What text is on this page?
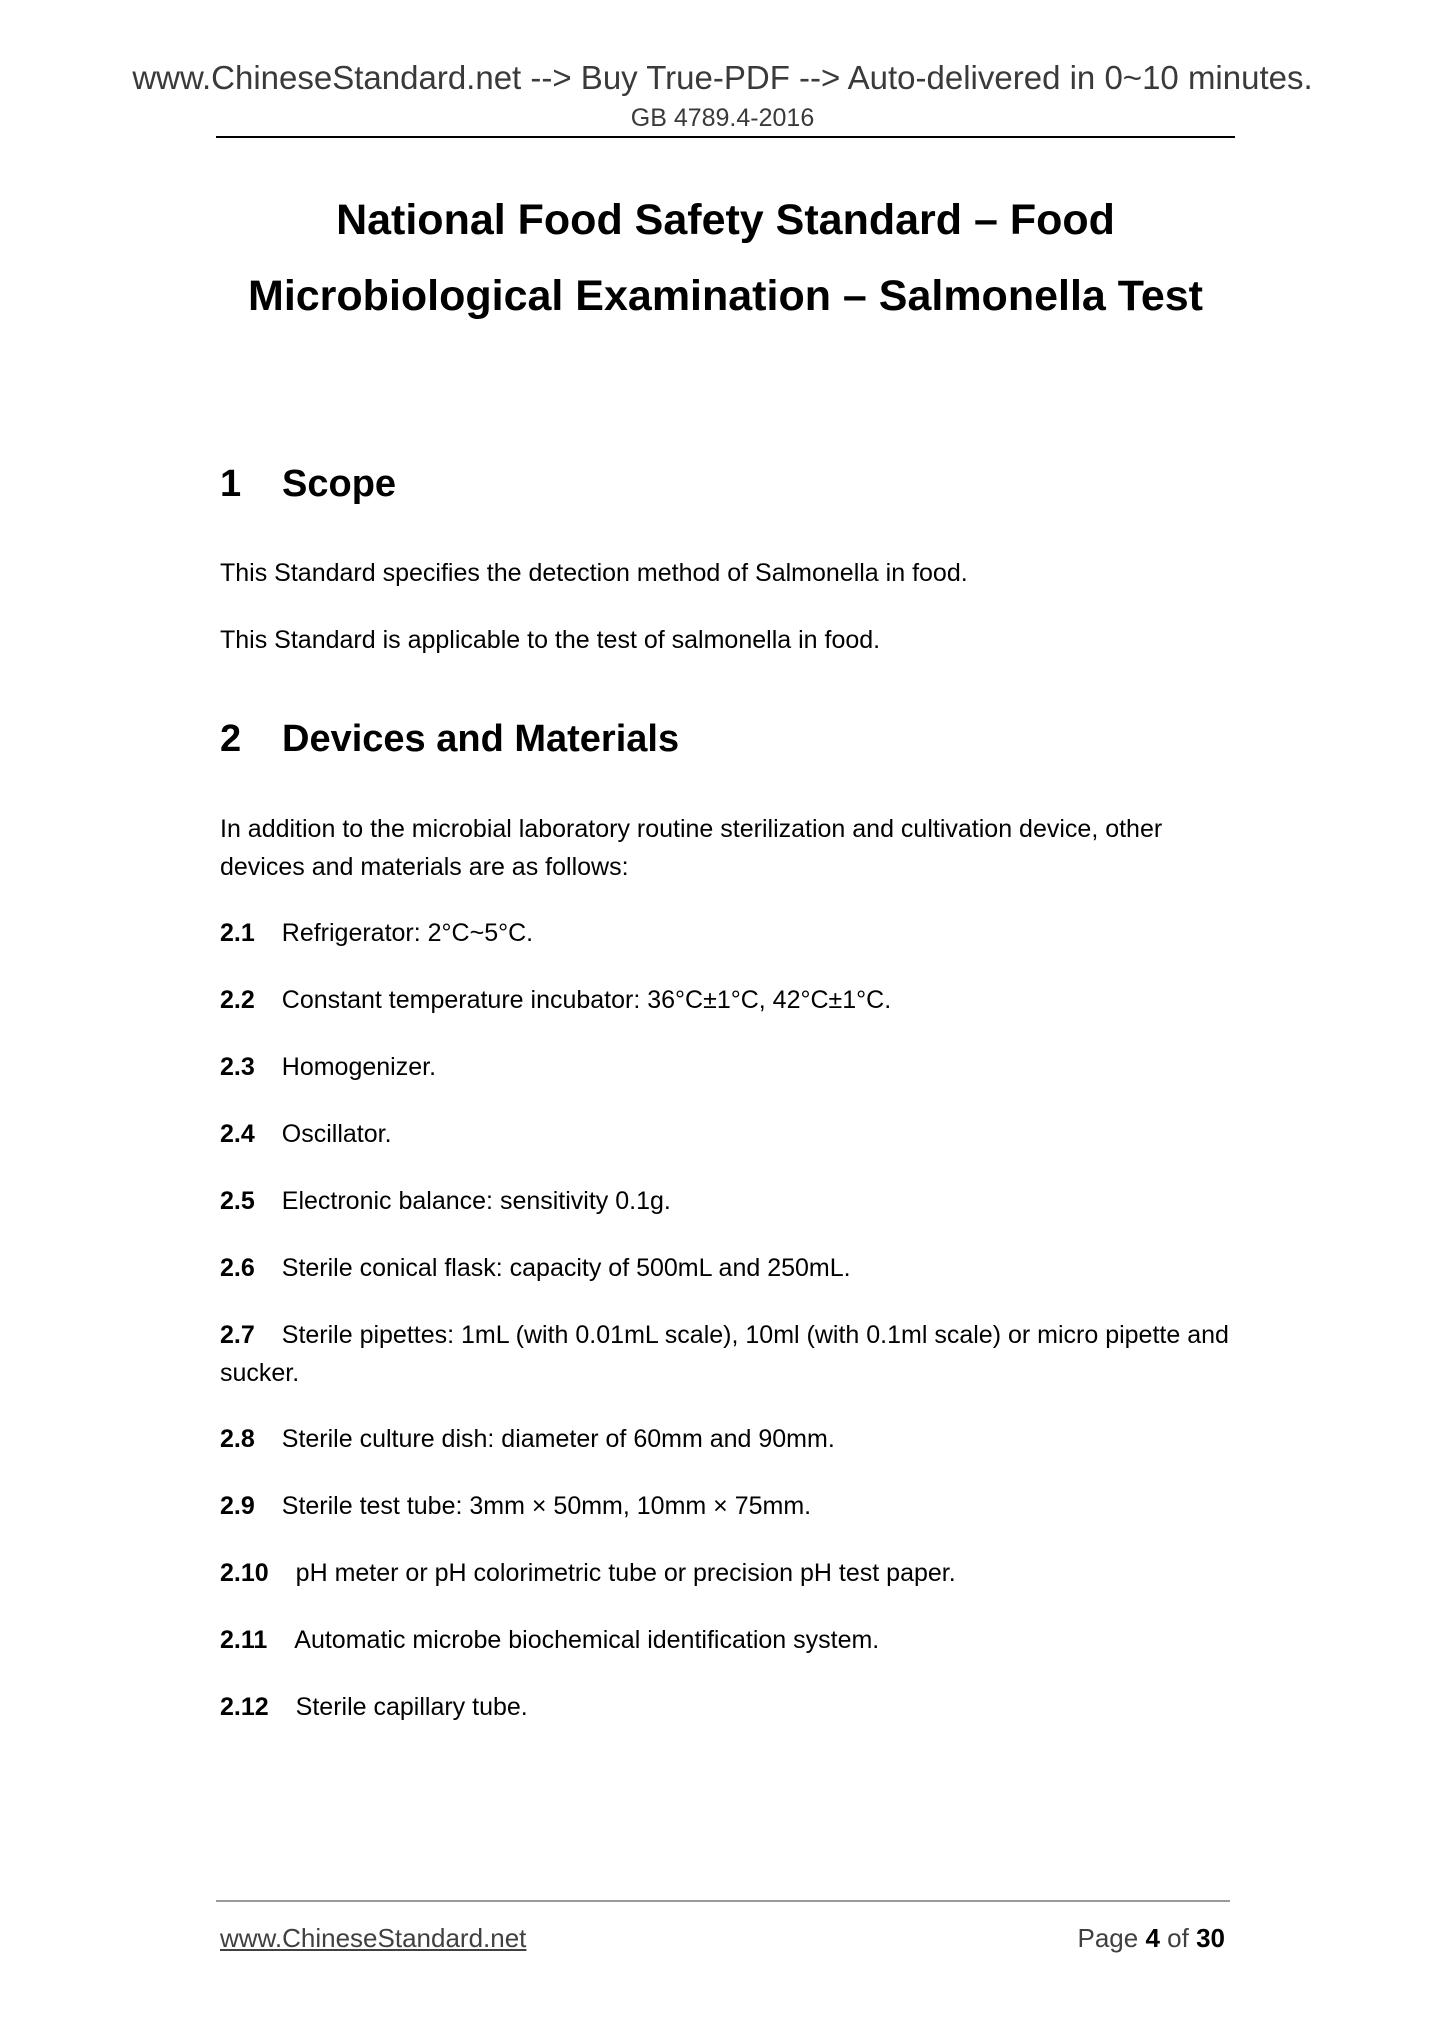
www.ChineseStandard.net --> Buy True-PDF --> Auto-delivered in 0~10 minutes.
GB 4789.4-2016
National Food Safety Standard – Food
Microbiological Examination – Salmonella Test
1 Scope
This Standard specifies the detection method of Salmonella in food.
This Standard is applicable to the test of salmonella in food.
2 Devices and Materials
In addition to the microbial laboratory routine sterilization and cultivation device, other devices and materials are as follows:
2.1 Refrigerator: 2°C~5°C.
2.2 Constant temperature incubator: 36°C±1°C, 42°C±1°C.
2.3 Homogenizer.
2.4 Oscillator.
2.5 Electronic balance: sensitivity 0.1g.
2.6 Sterile conical flask: capacity of 500mL and 250mL.
2.7 Sterile pipettes: 1mL (with 0.01mL scale), 10ml (with 0.1ml scale) or micro pipette and sucker.
2.8 Sterile culture dish: diameter of 60mm and 90mm.
2.9 Sterile test tube: 3mm × 50mm, 10mm × 75mm.
2.10 pH meter or pH colorimetric tube or precision pH test paper.
2.11 Automatic microbe biochemical identification system.
2.12 Sterile capillary tube.
www.ChineseStandard.net	Page 4 of 30
